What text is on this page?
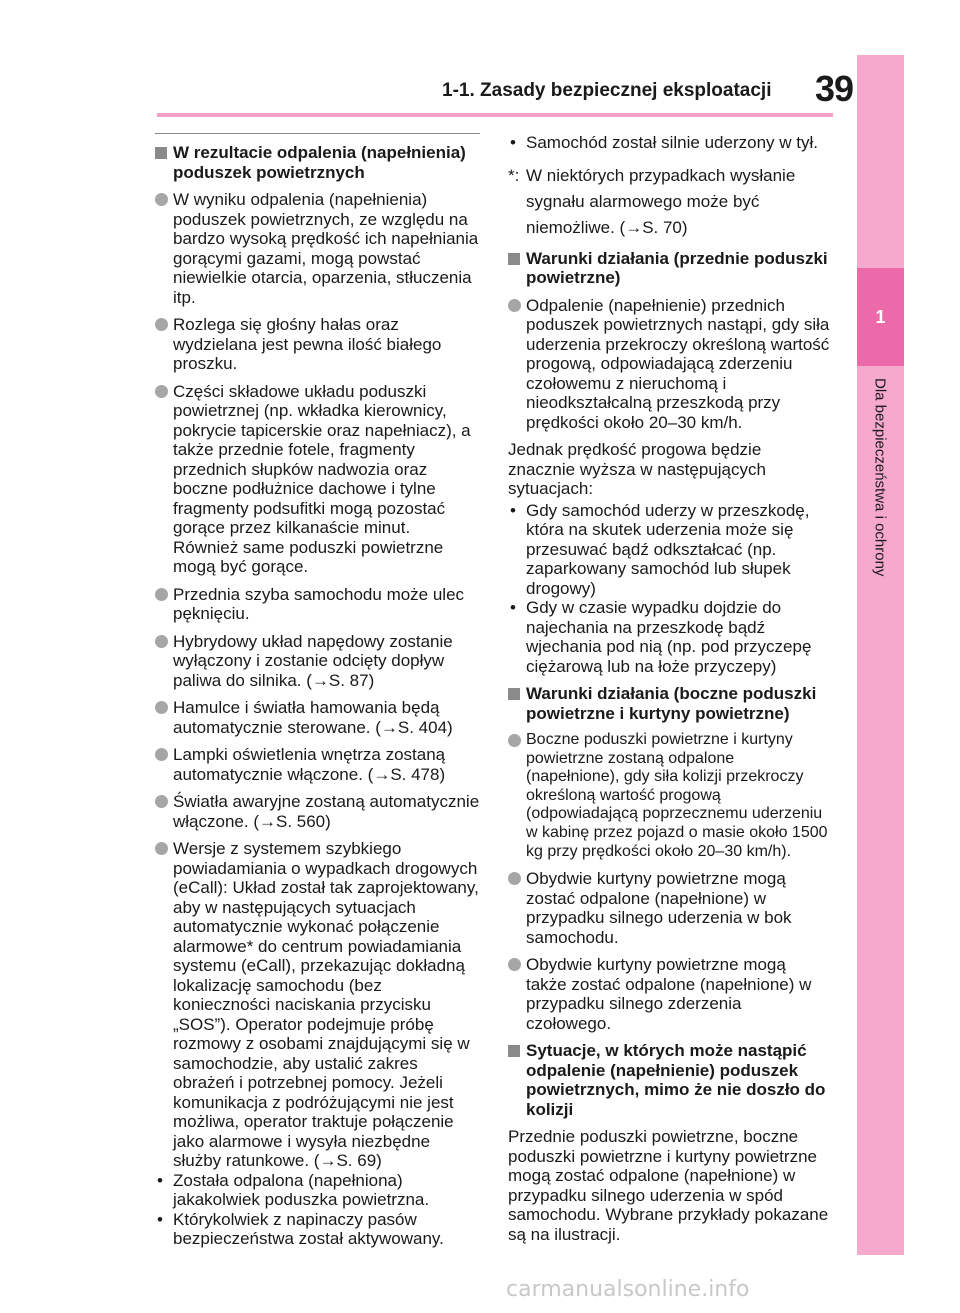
1-1. Zasady bezpiecznej eksploatacji 39
1
Dla bezpieczeństwa i ochrony
W rezultacie odpalenia (napełnienia) poduszek powietrznych
W wyniku odpalenia (napełnienia) poduszek powietrznych, ze względu na bardzo wysoką prędkość ich napełniania gorącymi gazami, mogą powstać niewielkie otarcia, oparzenia, stłuczenia itp.
Rozlega się głośny hałas oraz wydzielana jest pewna ilość białego proszku.
Części składowe układu poduszki powietrznej (np. wkładka kierownicy, pokrycie tapicerskie oraz napełniacz), a także przednie fotele, fragmenty przednich słupków nadwozia oraz boczne podłużnice dachowe i tylne fragmenty podsufitki mogą pozostać gorące przez kilkanaście minut. Również same poduszki powietrzne mogą być gorące.
Przednia szyba samochodu może ulec pęknięciu.
Hybrydowy układ napędowy zostanie wyłączony i zostanie odcięty dopływ paliwa do silnika. (→S. 87)
Hamulce i światła hamowania będą automatycznie sterowane. (→S. 404)
Lampki oświetlenia wnętrza zostaną automatycznie włączone. (→S. 478)
Światła awaryjne zostaną automatycznie włączone. (→S. 560)
Wersje z systemem szybkiego powiadamiania o wypadkach drogowych (eCall): Układ został tak zaprojektowany, aby w następujących sytuacjach automatycznie wykonać połączenie alarmowe* do centrum powiadamiania systemu (eCall), przekazując dokładną lokalizację samochodu (bez konieczności naciskania przycisku „SOS”). Operator podejmuje próbę rozmowy z osobami znajdującymi się w samochodzie, aby ustalić zakres obrażeń i potrzebnej pomocy. Jeżeli komunikacja z podróżującymi nie jest możliwa, operator traktuje połączenie jako alarmowe i wysyła niezbędne służby ratunkowe. (→S. 69)
• Została odpalona (napełniona) jakakolwiek poduszka powietrzna.
• Którykolwiek z napinaczy pasów bezpieczeństwa został aktywowany.
• Samochód został silnie uderzony w tył.
*: W niektórych przypadkach wysłanie sygnału alarmowego może być niemożliwe. (→S. 70)
Warunki działania (przednie poduszki powietrzne)
Odpalenie (napełnienie) przednich poduszek powietrznych nastąpi, gdy siła uderzenia przekroczy określoną wartość progową, odpowiadającą zderzeniu czołowemu z nieruchomą i nieodkształcalną przeszkodą przy prędkości około 20–30 km/h.
Jednak prędkość progowa będzie znacznie wyższa w następujących sytuacjach:
• Gdy samochód uderzy w przeszkodę, która na skutek uderzenia może się przesuwać bądź odkształcać (np. zaparkowany samochód lub słupek drogowy)
• Gdy w czasie wypadku dojdzie do najechania na przeszkodę bądź wjechania pod nią (np. pod przyczepę ciężarową lub na łoże przyczepy)
Warunki działania (boczne poduszki powietrzne i kurtyny powietrzne)
Boczne poduszki powietrzne i kurtyny powietrzne zostaną odpalone (napełnione), gdy siła kolizji przekroczy określoną wartość progową (odpowiadającą poprzecznemu uderzeniu w kabinę przez pojazd o masie około 1500 kg przy prędkości około 20–30 km/h).
Obydwie kurtyny powietrzne mogą zostać odpalone (napełnione) w przypadku silnego uderzenia w bok samochodu.
Obydwie kurtyny powietrzne mogą także zostać odpalone (napełnione) w przypadku silnego zderzenia czołowego.
Sytuacje, w których może nastąpić odpalenie (napełnienie) poduszek powietrznych, mimo że nie doszło do kolizji
Przednie poduszki powietrzne, boczne poduszki powietrzne i kurtyny powietrzne mogą zostać odpalone (napełnione) w przypadku silnego uderzenia w spód samochodu. Wybrane przykłady pokazane są na ilustracji.
carmanualsonline.info
